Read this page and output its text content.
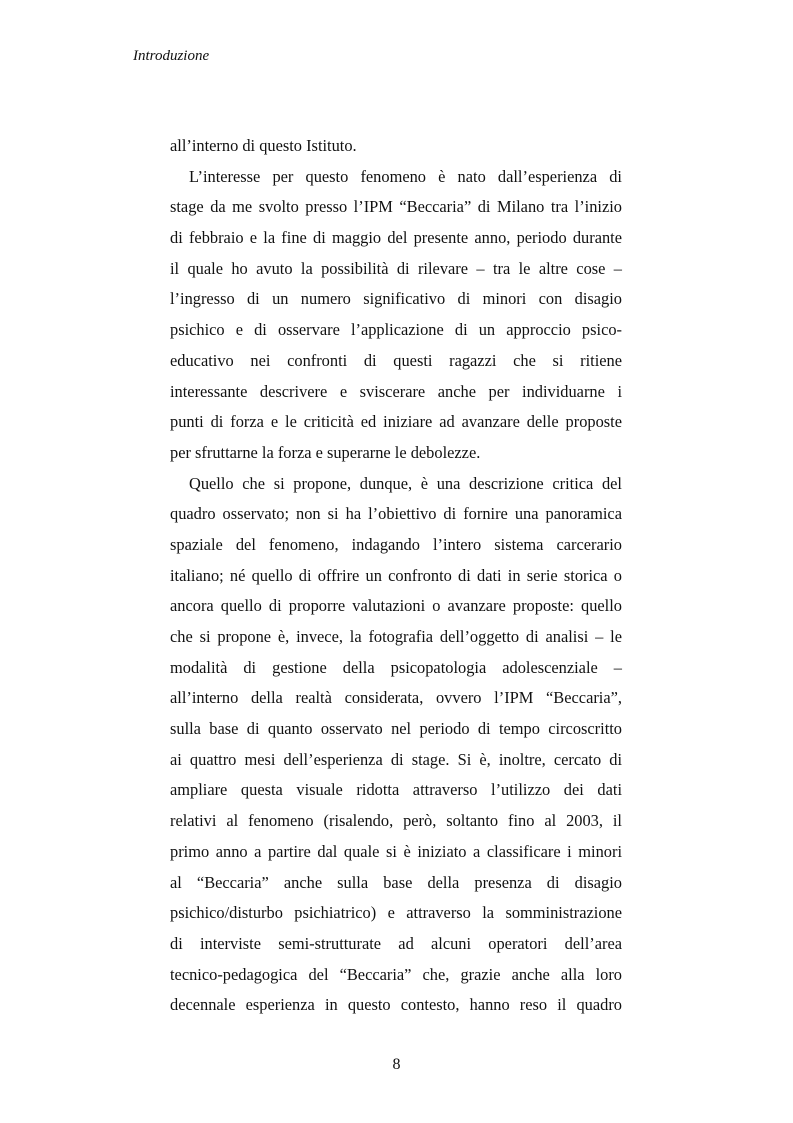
Introduzione
all’interno di questo Istituto.
L’interesse per questo fenomeno è nato dall’esperienza di
stage da me svolto presso l’IPM “Beccaria” di Milano tra l’inizio
di febbraio e la fine di maggio del presente anno, periodo durante
il quale ho avuto la possibilità di rilevare – tra le altre cose –
l’ingresso di un numero significativo di minori con disagio
psichico e di osservare l’applicazione di un approccio psico-
educativo nei confronti di questi ragazzi che si ritiene
interessante descrivere e sviscerare anche per individuarne i
punti di forza e le criticità ed iniziare ad avanzare delle proposte
per sfruttarne la forza e superarne le debolezze.
Quello che si propone, dunque, è una descrizione critica del
quadro osservato; non si ha l’obiettivo di fornire una panoramica
spaziale del fenomeno, indagando l’intero sistema carcerario
italiano; né quello di offrire un confronto di dati in serie storica o
ancora quello di proporre valutazioni o avanzare proposte: quello
che si propone è, invece, la fotografia dell’oggetto di analisi – le
modalità di gestione della psicopatologia adolescenziale –
all’interno della realtà considerata, ovvero l’IPM “Beccaria”,
sulla base di quanto osservato nel periodo di tempo circoscritto
ai quattro mesi dell’esperienza di stage. Si è, inoltre, cercato di
ampliare questa visuale ridotta attraverso l’utilizzo dei dati
relativi al fenomeno (risalendo, però, soltanto fino al 2003, il
primo anno a partire dal quale si è iniziato a classificare i minori
al “Beccaria” anche sulla base della presenza di disagio
psichico/disturbo psichiatrico) e attraverso la somministrazione
di interviste semi-strutturate ad alcuni operatori dell’area
tecnico-pedagogica del “Beccaria” che, grazie anche alla loro
decennale esperienza in questo contesto, hanno reso il quadro
8
